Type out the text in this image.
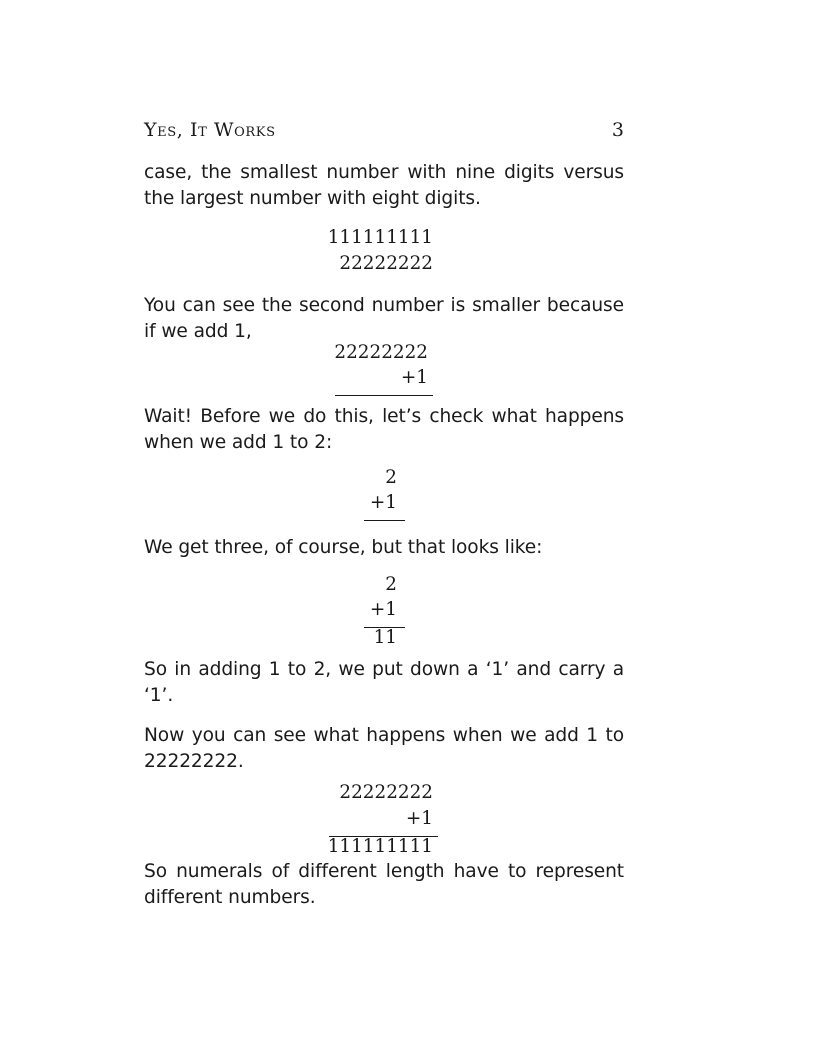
Yes, It Works	3

case, the smallest number with nine digits versus the largest number with eight digits.

111111111
22222222

You can see the second number is smaller because if we add 1,

22222222
+1

Wait! Before we do this, let’s check what happens when we add 1 to 2:

2
+1

We get three, of course, but that looks like:

2
+1
11

So in adding 1 to 2, we put down a ‘1’ and carry a ‘1’.

Now you can see what happens when we add 1 to 22222222.

22222222
+1
111111111

So numerals of different length have to represent different numbers.
